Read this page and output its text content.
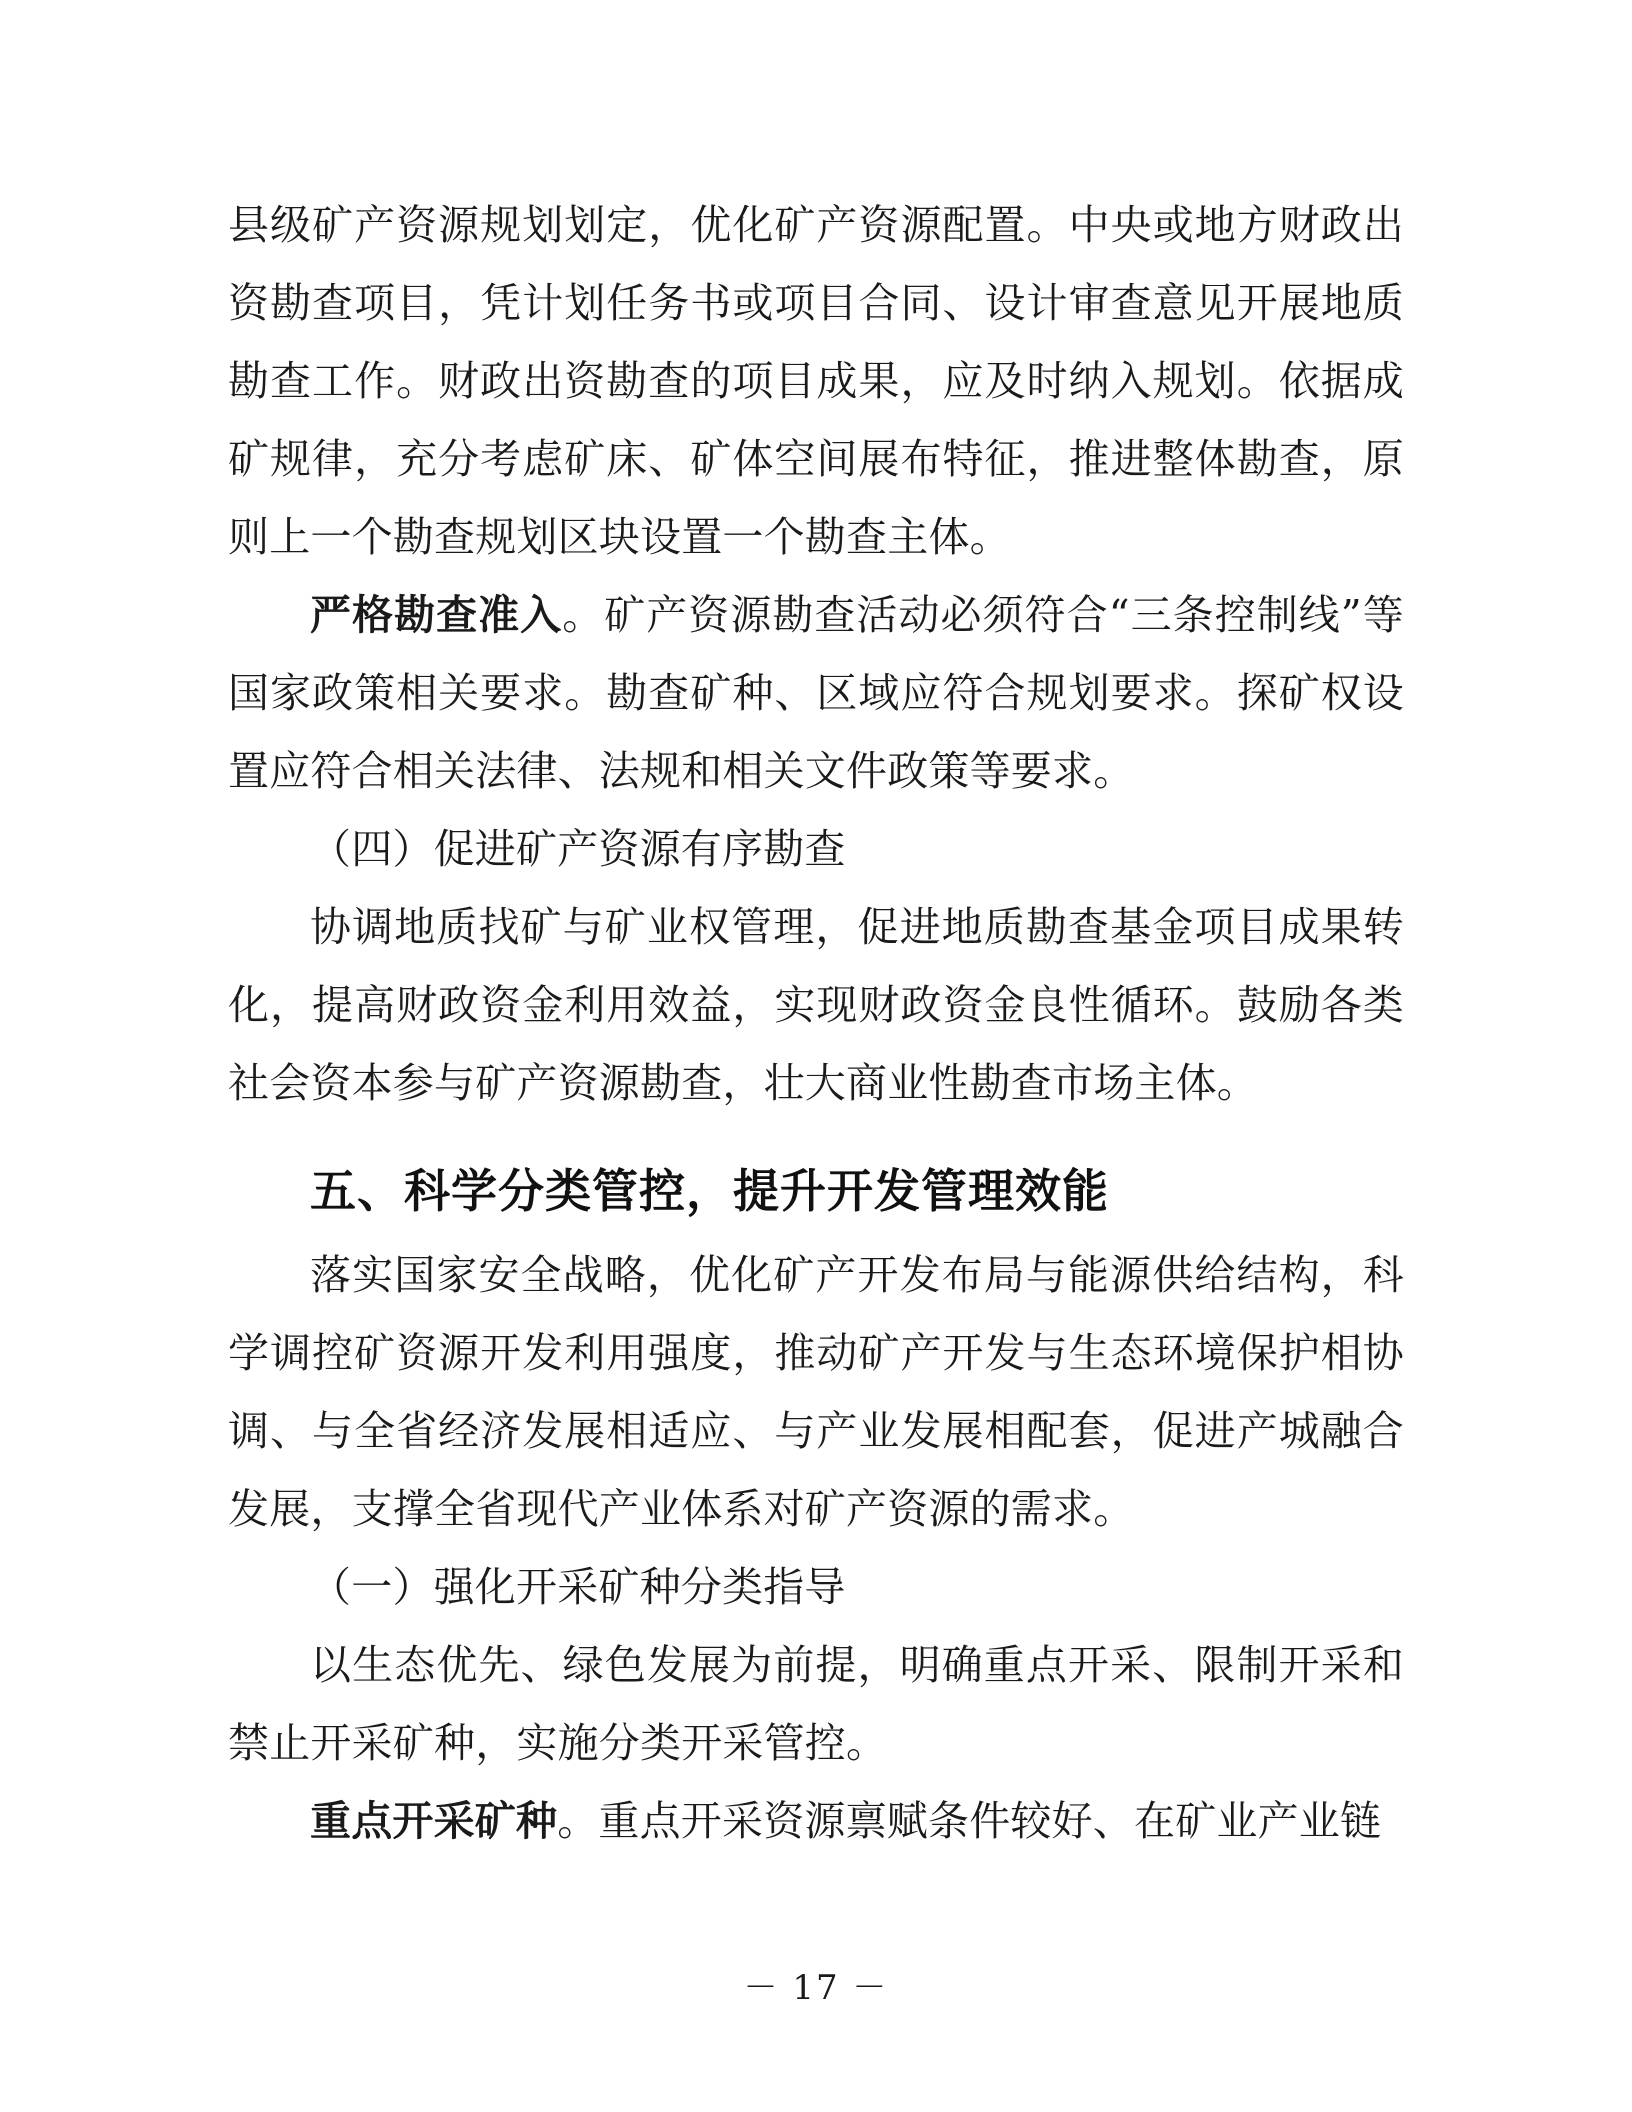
县级矿产资源规划划定，优化矿产资源配置。中央或地方财政出资勘查项目，凭计划任务书或项目合同、设计审查意见开展地质勘查工作。财政出资勘查的项目成果，应及时纳入规划。依据成矿规律，充分考虑矿床、矿体空间展布特征，推进整体勘查，原则上一个勘查规划区块设置一个勘查主体。

严格勘查准入。矿产资源勘查活动必须符合“三条控制线”等国家政策相关要求。勘查矿种、区域应符合规划要求。探矿权设置应符合相关法律、法规和相关文件政策等要求。

（四）促进矿产资源有序勘查

协调地质找矿与矿业权管理，促进地质勘查基金项目成果转化，提高财政资金利用效益，实现财政资金良性循环。鼓励各类社会资本参与矿产资源勘查，壮大商业性勘查市场主体。

五、科学分类管控，提升开发管理效能

落实国家安全战略，优化矿产开发布局与能源供给结构，科学调控矿资源开发利用强度，推动矿产开发与生态环境保护相协调、与全省经济发展相适应、与产业发展相配套，促进产城融合发展，支撑全省现代产业体系对矿产资源的需求。

（一）强化开采矿种分类指导

以生态优先、绿色发展为前提，明确重点开采、限制开采和禁止开采矿种，实施分类开采管控。

重点开采矿种。重点开采资源禀赋条件较好、在矿业产业链

－ 17 －
